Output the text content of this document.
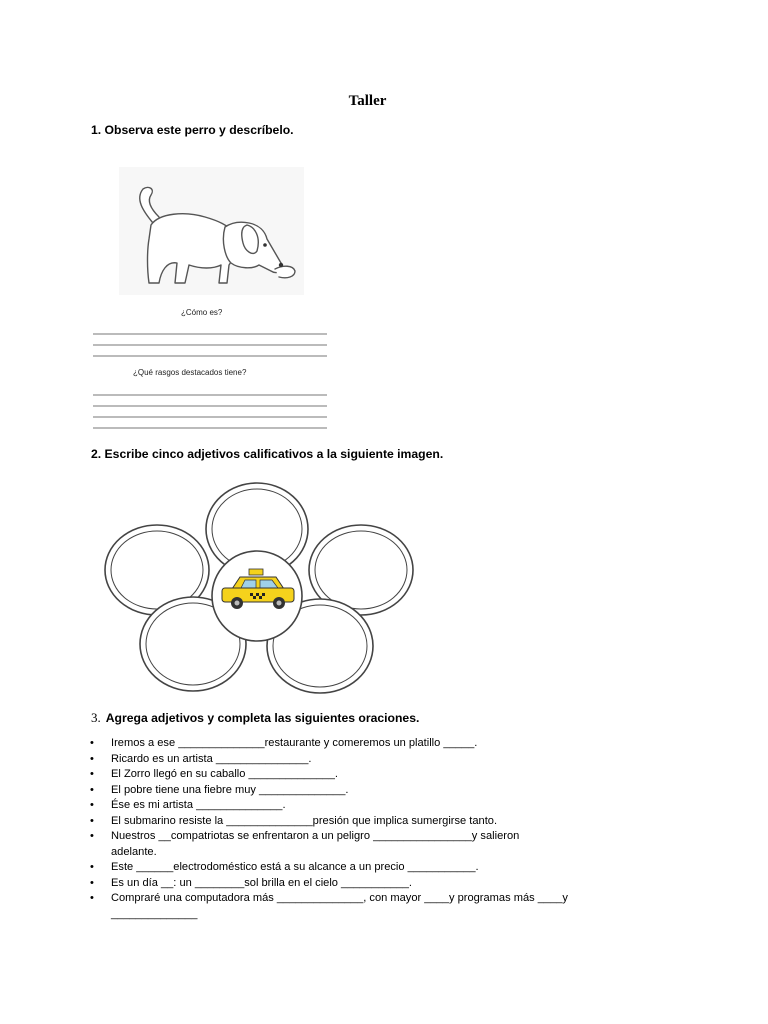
Taller
1. Observa este perro y descríbelo.
¿Cómo es?
¿Qué rasgos destacados tiene?
2. Escribe cinco adjetivos calificativos a la siguiente imagen.
3. Agrega adjetivos y completa las siguientes oraciones.
• Iremos a ese ______________restaurante y comeremos un platillo _____.
• Ricardo es un artista _______________.
• El Zorro llegó en su caballo ______________.
• El pobre tiene una fiebre muy ______________.
• Ése es mi artista ______________.
• El submarino resiste la ______________presión que implica sumergirse tanto.
• Nuestros __compatriotas se enfrentaron a un peligro ________________y salieron
adelante.
• Este ______electrodoméstico está a su alcance a un precio ___________.
• Es un día __: un ________sol brilla en el cielo ___________.
• Compraré una computadora más ______________, con mayor ____y programas más ____y
______________
